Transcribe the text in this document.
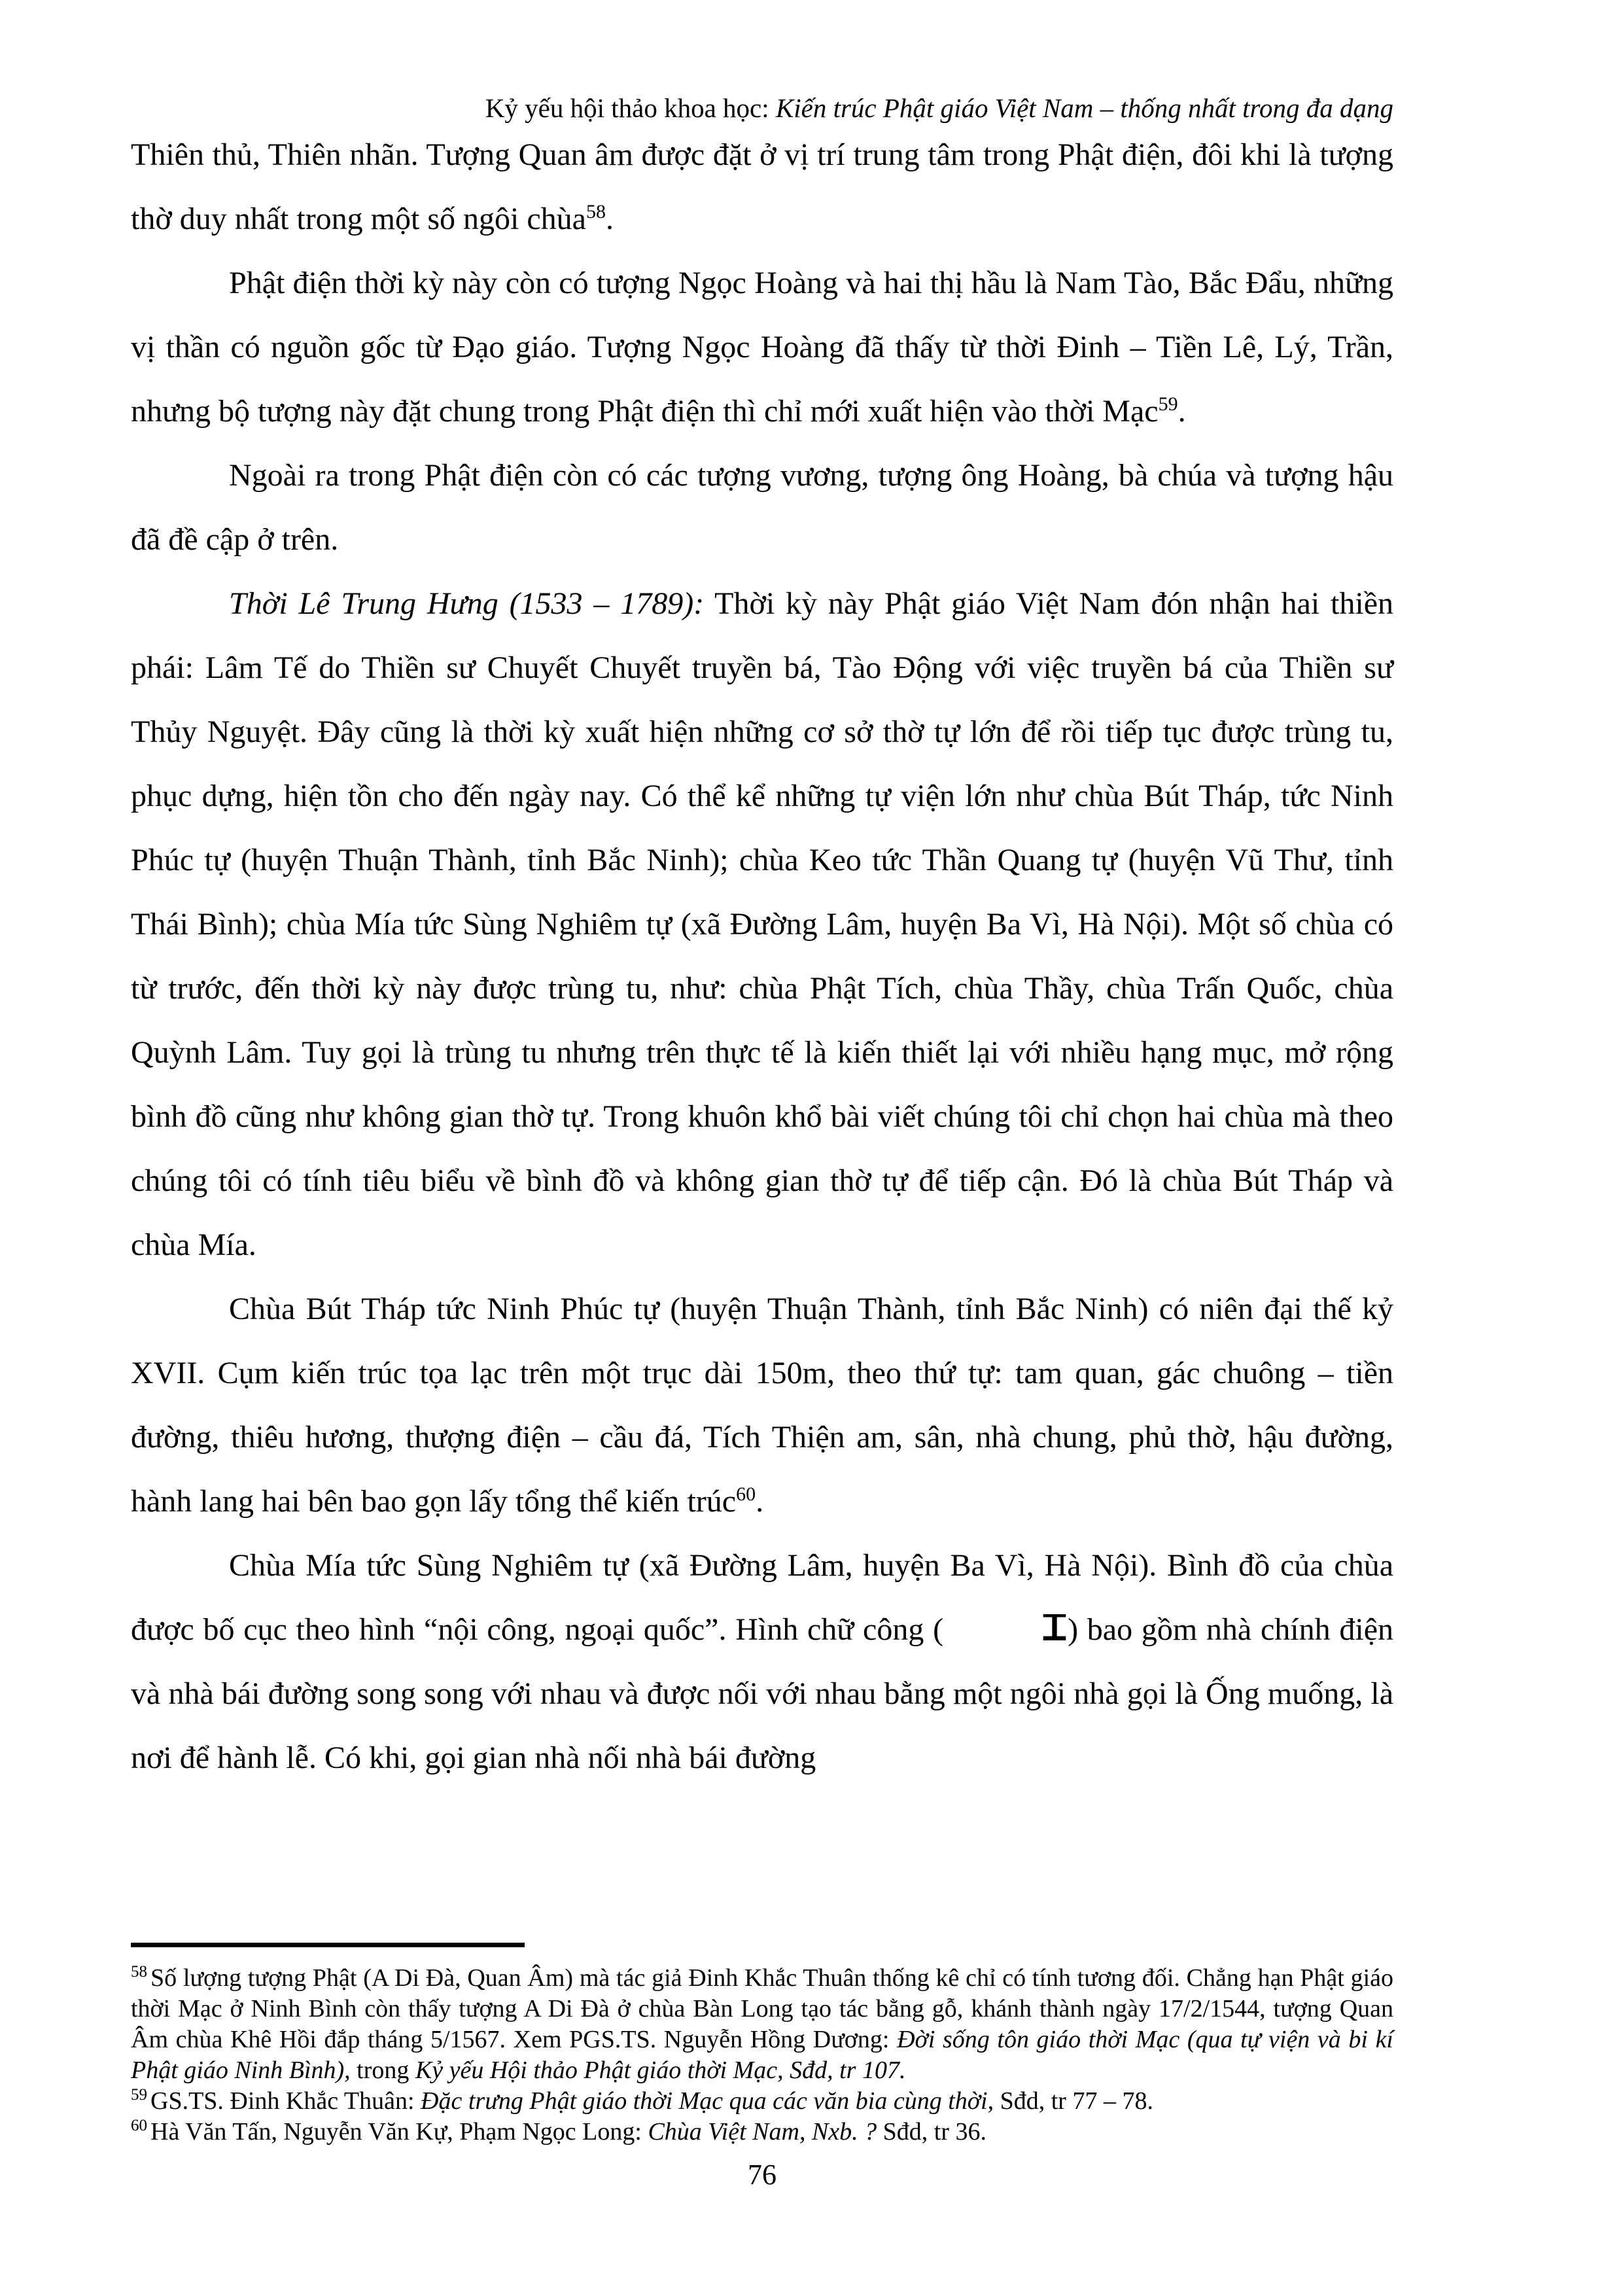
Kỷ yếu hội thảo khoa học: Kiến trúc Phật giáo Việt Nam – thống nhất trong đa dạng

Thiên thủ, Thiên nhãn. Tượng Quan âm được đặt ở vị trí trung tâm trong Phật điện, đôi khi là tượng thờ duy nhất trong một số ngôi chùa$^{58}$.

Phật điện thời kỳ này còn có tượng Ngọc Hoàng và hai thị hầu là Nam Tào, Bắc Đẩu, những vị thần có nguồn gốc từ Đạo giáo. Tượng Ngọc Hoàng đã thấy từ thời Đinh – Tiền Lê, Lý, Trần, nhưng bộ tượng này đặt chung trong Phật điện thì chỉ mới xuất hiện vào thời Mạc$^{59}$.

Ngoài ra trong Phật điện còn có các tượng vương, tượng ông Hoàng, bà chúa và tượng hậu đã đề cập ở trên.

Thời Lê Trung Hưng (1533 – 1789): Thời kỳ này Phật giáo Việt Nam đón nhận hai thiền phái: Lâm Tế do Thiền sư Chuyết Chuyết truyền bá, Tào Động với việc truyền bá của Thiền sư Thủy Nguyệt. Đây cũng là thời kỳ xuất hiện những cơ sở thờ tự lớn để rồi tiếp tục được trùng tu, phục dựng, hiện tồn cho đến ngày nay. Có thể kể những tự viện lớn như chùa Bút Tháp, tức Ninh Phúc tự (huyện Thuận Thành, tỉnh Bắc Ninh); chùa Keo tức Thần Quang tự (huyện Vũ Thư, tỉnh Thái Bình); chùa Mía tức Sùng Nghiêm tự (xã Đường Lâm, huyện Ba Vì, Hà Nội). Một số chùa có từ trước, đến thời kỳ này được trùng tu, như: chùa Phật Tích, chùa Thầy, chùa Trấn Quốc, chùa Quỳnh Lâm. Tuy gọi là trùng tu nhưng trên thực tế là kiến thiết lại với nhiều hạng mục, mở rộng bình đồ cũng như không gian thờ tự. Trong khuôn khổ bài viết chúng tôi chỉ chọn hai chùa mà theo chúng tôi có tính tiêu biểu về bình đồ và không gian thờ tự để tiếp cận. Đó là chùa Bút Tháp và chùa Mía.

Chùa Bút Tháp tức Ninh Phúc tự (huyện Thuận Thành, tỉnh Bắc Ninh) có niên đại thế kỷ XVII. Cụm kiến trúc tọa lạc trên một trục dài 150m, theo thứ tự: tam quan, gác chuông – tiền đường, thiêu hương, thượng điện – cầu đá, Tích Thiện am, sân, nhà chung, phủ thờ, hậu đường, hành lang hai bên bao gọn lấy tổng thể kiến trúc$^{60}$.

Chùa Mía tức Sùng Nghiêm tự (xã Đường Lâm, huyện Ba Vì, Hà Nội). Bình đồ của chùa được bố cục theo hình “nội công, ngoại quốc”. Hình chữ công (	) bao gồm nhà chính điện và nhà bái đường song song với nhau và được nối với nhau bằng một ngôi nhà gọi là Ống muống, là nơi để hành lễ. Có khi, gọi gian nhà nối nhà bái đường

$^{58}$ Số lượng tượng Phật (A Di Đà, Quan Âm) mà tác giả Đinh Khắc Thuân thống kê chỉ có tính tương đối. Chẳng hạn Phật giáo thời Mạc ở Ninh Bình còn thấy tượng A Di Đà ở chùa Bàn Long tạo tác bằng gỗ, khánh thành ngày 17/2/1544, tượng Quan Âm chùa Khê Hồi đắp tháng 5/1567. Xem PGS.TS. Nguyễn Hồng Dương: Đời sống tôn giáo thời Mạc (qua tự viện và bi kí Phật giáo Ninh Bình), trong Kỷ yếu Hội thảo Phật giáo thời Mạc, Sđd, tr 107.
$^{59}$ GS.TS. Đinh Khắc Thuân: Đặc trưng Phật giáo thời Mạc qua các văn bia cùng thời, Sđd, tr 77 – 78.
$^{60}$ Hà Văn Tấn, Nguyễn Văn Kự, Phạm Ngọc Long: Chùa Việt Nam, Nxb. ? Sđd, tr 36.
76
